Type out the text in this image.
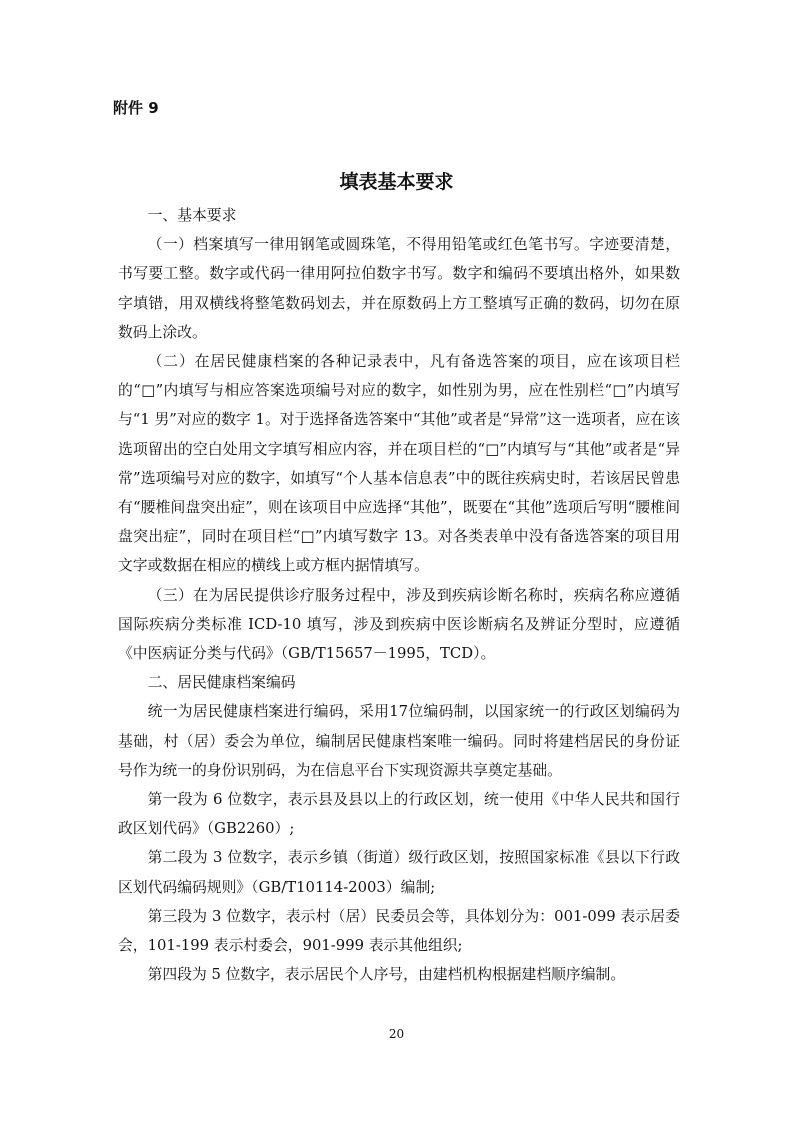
附件 9
填表基本要求

一、基本要求

（一）档案填写一律用钢笔或圆珠笔，不得用铅笔或红色笔书写。字迹要清楚，书写要工整。数字或代码一律用阿拉伯数字书写。数字和编码不要填出格外，如果数字填错，用双横线将整笔数码划去，并在原数码上方工整填写正确的数码，切勿在原数码上涂改。

（二）在居民健康档案的各种记录表中，凡有备选答案的项目，应在该项目栏的“□”内填写与相应答案选项编号对应的数字，如性别为男，应在性别栏“□”内填写与“1 男”对应的数字 1。对于选择备选答案中“其他”或者是“异常”这一选项者，应在该选项留出的空白处用文字填写相应内容，并在项目栏的“□”内填写与“其他”或者是“异常”选项编号对应的数字，如填写“个人基本信息表”中的既往疾病史时，若该居民曾患有“腰椎间盘突出症”，则在该项目中应选择“其他”，既要在“其他”选项后写明“腰椎间盘突出症”，同时在项目栏“□”内填写数字 13。对各类表单中没有备选答案的项目用文字或数据在相应的横线上或方框内据情填写。

（三）在为居民提供诊疗服务过程中，涉及到疾病诊断名称时，疾病名称应遵循国际疾病分类标准 ICD-10 填写，涉及到疾病中医诊断病名及辨证分型时，应遵循《中医病证分类与代码》（GB/T15657－1995，TCD）。

二、居民健康档案编码

统一为居民健康档案进行编码，采用17位编码制，以国家统一的行政区划编码为基础，村（居）委会为单位，编制居民健康档案唯一编码。同时将建档居民的身份证号作为统一的身份识别码，为在信息平台下实现资源共享奠定基础。

第一段为 6 位数字，表示县及县以上的行政区划，统一使用《中华人民共和国行政区划代码》（GB2260）;

第二段为 3 位数字，表示乡镇（街道）级行政区划，按照国家标准《县以下行政区划代码编码规则》（GB/T10114-2003）编制;

第三段为 3 位数字，表示村（居）民委员会等，具体划分为：001-099 表示居委会，101-199 表示村委会，901-999 表示其他组织;

第四段为 5 位数字，表示居民个人序号，由建档机构根据建档顺序编制。

20
